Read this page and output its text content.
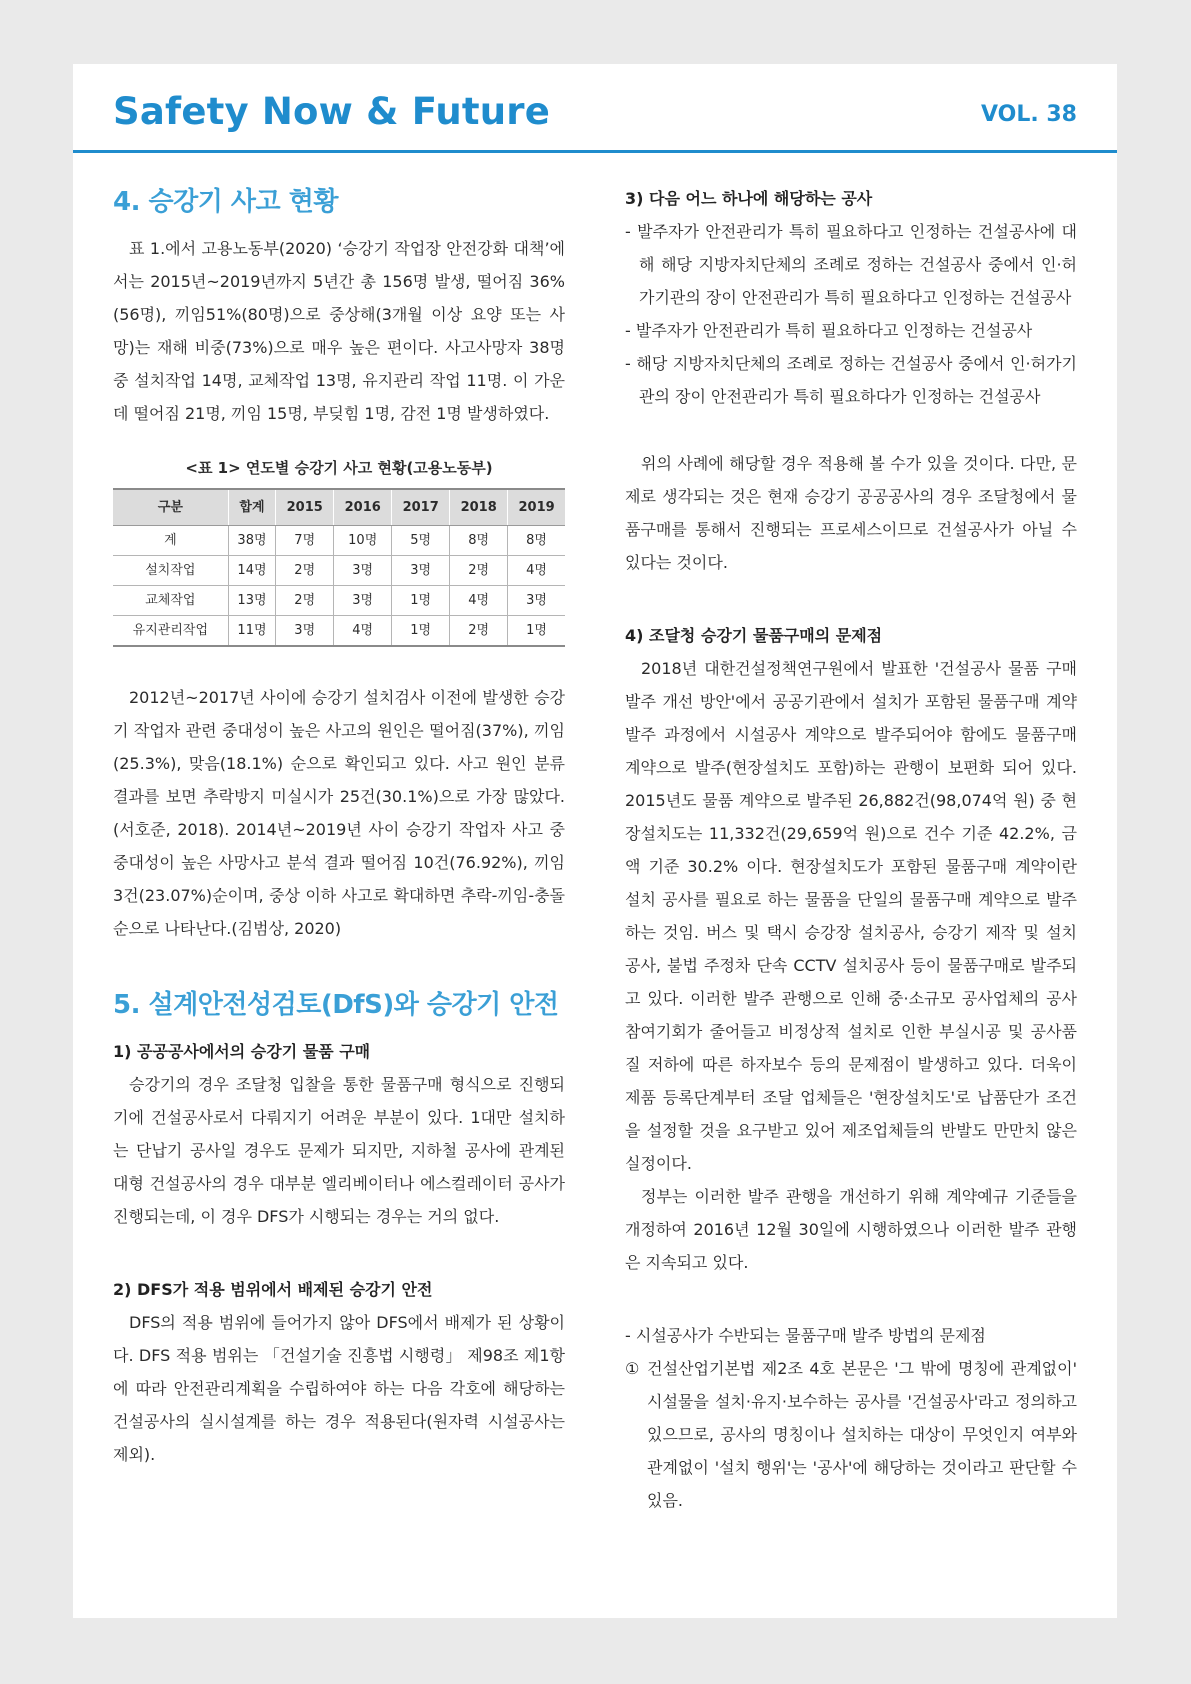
Safety Now & Future	VOL. 38
4. 승강기 사고 현황

표 1.에서 고용노동부(2020) ‘승강기 작업장 안전강화 대책’에서는 2015년~2019년까지 5년간 총 156명 발생, 떨어짐 36%(56명), 끼임51%(80명)으로 중상해(3개월 이상 요양 또는 사망)는 재해 비중(73%)으로 매우 높은 편이다. 사고사망자 38명 중 설치작업 14명, 교체작업 13명, 유지관리 작업 11명. 이 가운데 떨어짐 21명, 끼임 15명, 부딪힘 1명, 감전 1명 발생하였다.

<표 1> 연도별 승강기 사고 현황(고용노동부)
구분	합계	2015	2016	2017	2018	2019
계	38명	7명	10명	5명	8명	8명
설치작업	14명	2명	3명	3명	2명	4명
교체작업	13명	2명	3명	1명	4명	3명
유지관리작업	11명	3명	4명	1명	2명	1명

2012년~2017년 사이에 승강기 설치검사 이전에 발생한 승강기 작업자 관련 중대성이 높은 사고의 원인은 떨어짐(37%), 끼임(25.3%), 맞음(18.1%) 순으로 확인되고 있다. 사고 원인 분류 결과를 보면 추락방지 미실시가 25건(30.1%)으로 가장 많았다.(서호준, 2018). 2014년~2019년 사이 승강기 작업자 사고 중 중대성이 높은 사망사고 분석 결과 떨어짐 10건(76.92%), 끼임 3건(23.07%)순이며, 중상 이하 사고로 확대하면 추락-끼임-충돌 순으로 나타난다.(김범상, 2020)

5. 설계안전성검토(DfS)와 승강기 안전

1) 공공공사에서의 승강기 물품 구매

승강기의 경우 조달청 입찰을 통한 물품구매 형식으로 진행되기에 건설공사로서 다뤄지기 어려운 부분이 있다. 1대만 설치하는 단납기 공사일 경우도 문제가 되지만, 지하철 공사에 관계된 대형 건설공사의 경우 대부분 엘리베이터나 에스컬레이터 공사가 진행되는데, 이 경우 DFS가 시행되는 경우는 거의 없다.

2) DFS가 적용 범위에서 배제된 승강기 안전

DFS의 적용 범위에 들어가지 않아 DFS에서 배제가 된 상황이다. DFS 적용 범위는 「건설기술 진흥법 시행령」 제98조 제1항에 따라 안전관리계획을 수립하여야 하는 다음 각호에 해당하는 건설공사의 실시설계를 하는 경우 적용된다(원자력 시설공사는 제외).

3) 다음 어느 하나에 해당하는 공사

- 발주자가 안전관리가 특히 필요하다고 인정하는 건설공사에 대해 해당 지방자치단체의 조례로 정하는 건설공사 중에서 인·허가기관의 장이 안전관리가 특히 필요하다고 인정하는 건설공사

- 발주자가 안전관리가 특히 필요하다고 인정하는 건설공사

- 해당 지방자치단체의 조례로 정하는 건설공사 중에서 인·허가기관의 장이 안전관리가 특히 필요하다가 인정하는 건설공사

위의 사례에 해당할 경우 적용해 볼 수가 있을 것이다. 다만, 문제로 생각되는 것은 현재 승강기 공공공사의 경우 조달청에서 물품구매를 통해서 진행되는 프로세스이므로 건설공사가 아닐 수 있다는 것이다.

4) 조달청 승강기 물품구매의 문제점

2018년 대한건설정책연구원에서 발표한 '건설공사 물품 구매 발주 개선 방안'에서 공공기관에서 설치가 포함된 물품구매 계약 발주 과정에서 시설공사 계약으로 발주되어야 함에도 물품구매 계약으로 발주(현장설치도 포함)하는 관행이 보편화 되어 있다. 2015년도 물품 계약으로 발주된 26,882건(98,074억 원) 중 현장설치도는 11,332건(29,659억 원)으로 건수 기준 42.2%, 금액 기준 30.2% 이다. 현장설치도가 포함된 물품구매 계약이란 설치 공사를 필요로 하는 물품을 단일의 물품구매 계약으로 발주하는 것임. 버스 및 택시 승강장 설치공사, 승강기 제작 및 설치 공사, 불법 주정차 단속 CCTV 설치공사 등이 물품구매로 발주되고 있다. 이러한 발주 관행으로 인해 중·소규모 공사업체의 공사 참여기회가 줄어들고 비정상적 설치로 인한 부실시공 및 공사품질 저하에 따른 하자보수 등의 문제점이 발생하고 있다. 더욱이 제품 등록단계부터 조달 업체들은 '현장설치도'로 납품단가 조건을 설정할 것을 요구받고 있어 제조업체들의 반발도 만만치 않은 실정이다.

정부는 이러한 발주 관행을 개선하기 위해 계약예규 기준들을 개정하여 2016년 12월 30일에 시행하였으나 이러한 발주 관행은 지속되고 있다.

- 시설공사가 수반되는 물품구매 발주 방법의 문제점

① 건설산업기본법 제2조 4호 본문은 '그 밖에 명칭에 관계없이' 시설물을 설치·유지·보수하는 공사를 '건설공사'라고 정의하고 있으므로, 공사의 명칭이나 설치하는 대상이 무엇인지 여부와 관계없이 '설치 행위'는 '공사'에 해당하는 것이라고 판단할 수 있음.
